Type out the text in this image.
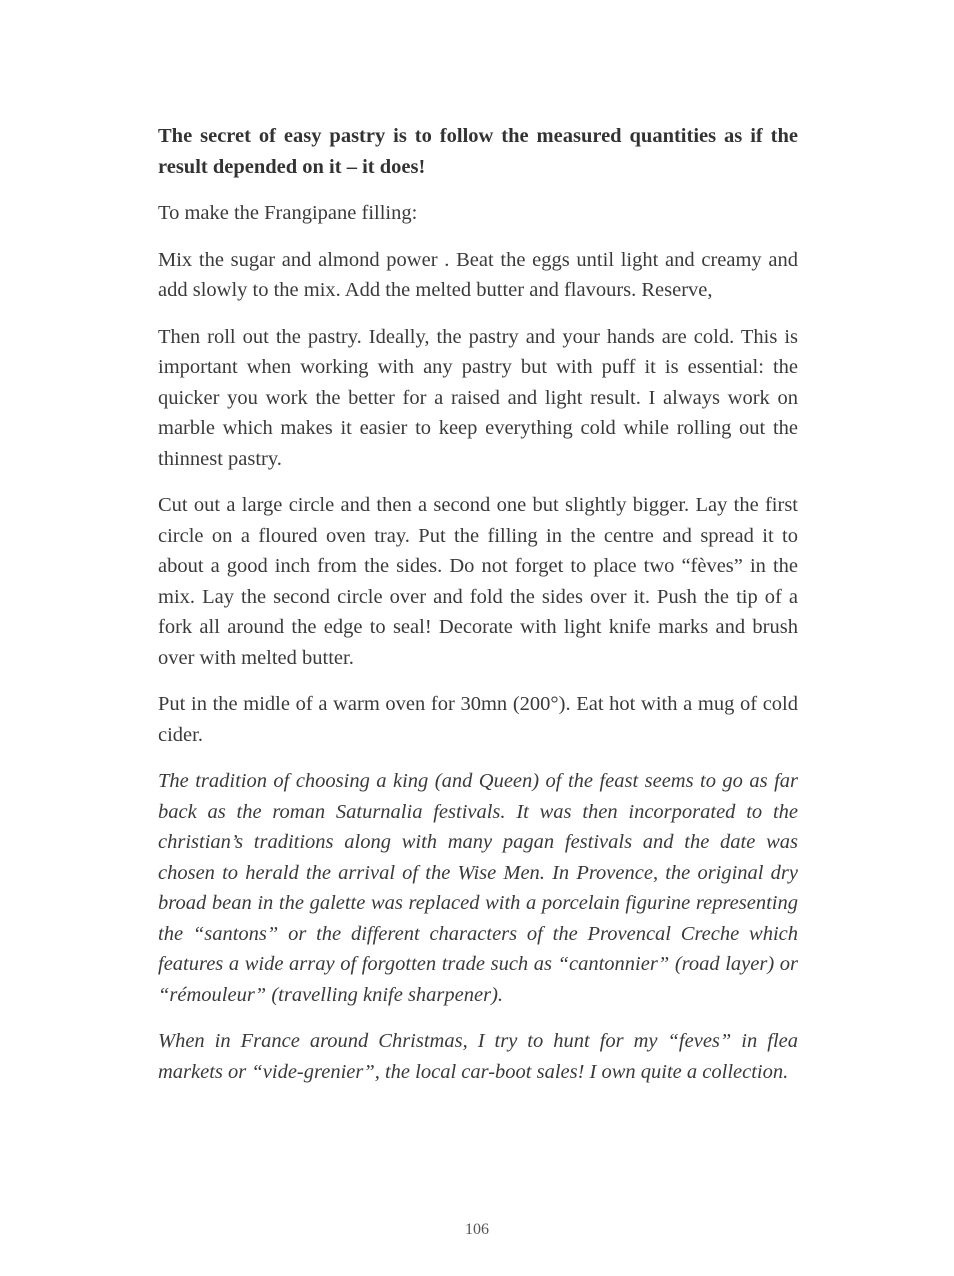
The secret of easy pastry is to follow the measured quantities as if the result depended on it – it does!

To make the Frangipane filling:

Mix the sugar and almond power . Beat the eggs until light and creamy and add slowly to the mix. Add the melted butter and flavours. Reserve,

Then roll out the pastry. Ideally, the pastry and your hands are cold. This is important when working with any pastry but with puff it is essential: the quicker you work the better for a raised and light result. I always work on marble which makes it easier to keep everything cold while rolling out the thinnest pastry.

Cut out a large circle and then a second one but slightly bigger. Lay the first circle on a floured oven tray. Put the filling in the centre and spread it to about a good inch from the sides. Do not forget to place two “fèves” in the mix. Lay the second circle over and fold the sides over it. Push the tip of a fork all around the edge to seal! Decorate with light knife marks and brush over with melted butter.

Put in the midle of a warm oven for 30mn (200°). Eat hot with a mug of cold cider.

The tradition of choosing a king (and Queen) of the feast seems to go as far back as the roman Saturnalia festivals. It was then incorporated to the christian’s traditions along with many pagan festivals and the date was chosen to herald the arrival of the Wise Men. In Provence, the original dry broad bean in the galette was replaced with a porcelain figurine representing the “santons” or the different characters of the Provencal Creche which features a wide array of forgotten trade such as “cantonnier” (road layer) or “rémouleur” (travelling knife sharpener).

When in France around Christmas, I try to hunt for my “feves” in flea markets or “vide-grenier”, the local car-boot sales! I own quite a collection.

106
